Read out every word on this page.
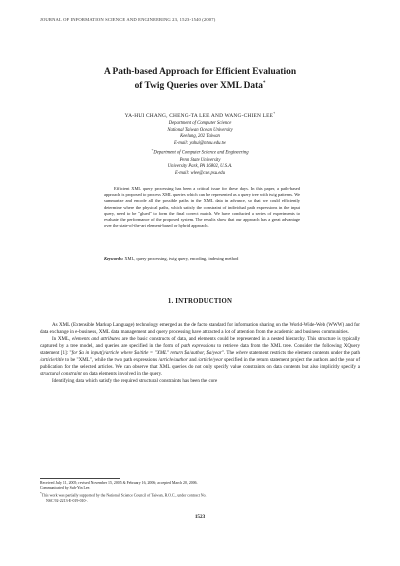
JOURNAL OF INFORMATION SCIENCE AND ENGINEERING 23, 1523-1540 (2007)
A Path-based Approach for Efficient Evaluation
of Twig Queries over XML Data*
YA-HUI CHANG, CHENG-TA LEE AND WANG-CHIEN LEE+
Department of Computer Science
National Taiwan Ocean University
Keelung, 202 Taiwan
E-mail: yahui@ntou.edu.tw
+Department of Computer Science and Engineering
Penn State University
University Park, PA 16802, U.S.A.
E-mail: wlee@cse.psu.edu
Efficient XML query processing has been a critical issue for these days. In this paper, a path-based approach is proposed to process XML queries which can be represented as a query tree with twig patterns. We summarize and encode all the possible paths in the XML data in advance, so that we could efficiently determine where the physical paths, which satisfy the constraint of individual path expressions in the input query, need to be "glued" to form the final correct match. We have conducted a series of experiments to evaluate the performance of the proposed system. The results show that our approach has a great advantage over the state-of-the-art element-based or hybrid approach.
Keywords: XML, query processing, twig query, encoding, indexing method
1. INTRODUCTION

As XML (Extensible Markup Language) technology emerged as the de facto standard for information sharing on the World-Wide-Web (WWW) and for data exchange in e-business, XML data management and query processing have attracted a lot of attention from the academic and business communities.

In XML, elements and attributes are the basic constructs of data, and elements could be represented in a nested hierarchy. This structure is typically captured by a tree model, and queries are specified in the form of path expressions to retrieve data from the XML tree. Consider the following XQuery statement [1]: "for $a in input()/article where $a/title = "XML" return $a/author, $a/year". The where statement restricts the element contents under the path /article/title to be "XML", while the two path expressions /article/author and /article/year specified in the return statement project the authors and the year of publication for the selected articles. We can observe that XML queries do not only specify value constraints on data contents but also implicitly specify a structural constraint on data elements involved in the query.

Identifying data which satisfy the required structural constraints has been the core

Received July 11, 2005; revised November 15, 2005 & February 16, 2006; accepted March 20, 2006.
Communicated by Suh-Yin Lee.
*This work was partially supported by the National Science Council of Taiwan, R.O.C., under contract No.
NSC 92-2213-E-019-010-.
1523
